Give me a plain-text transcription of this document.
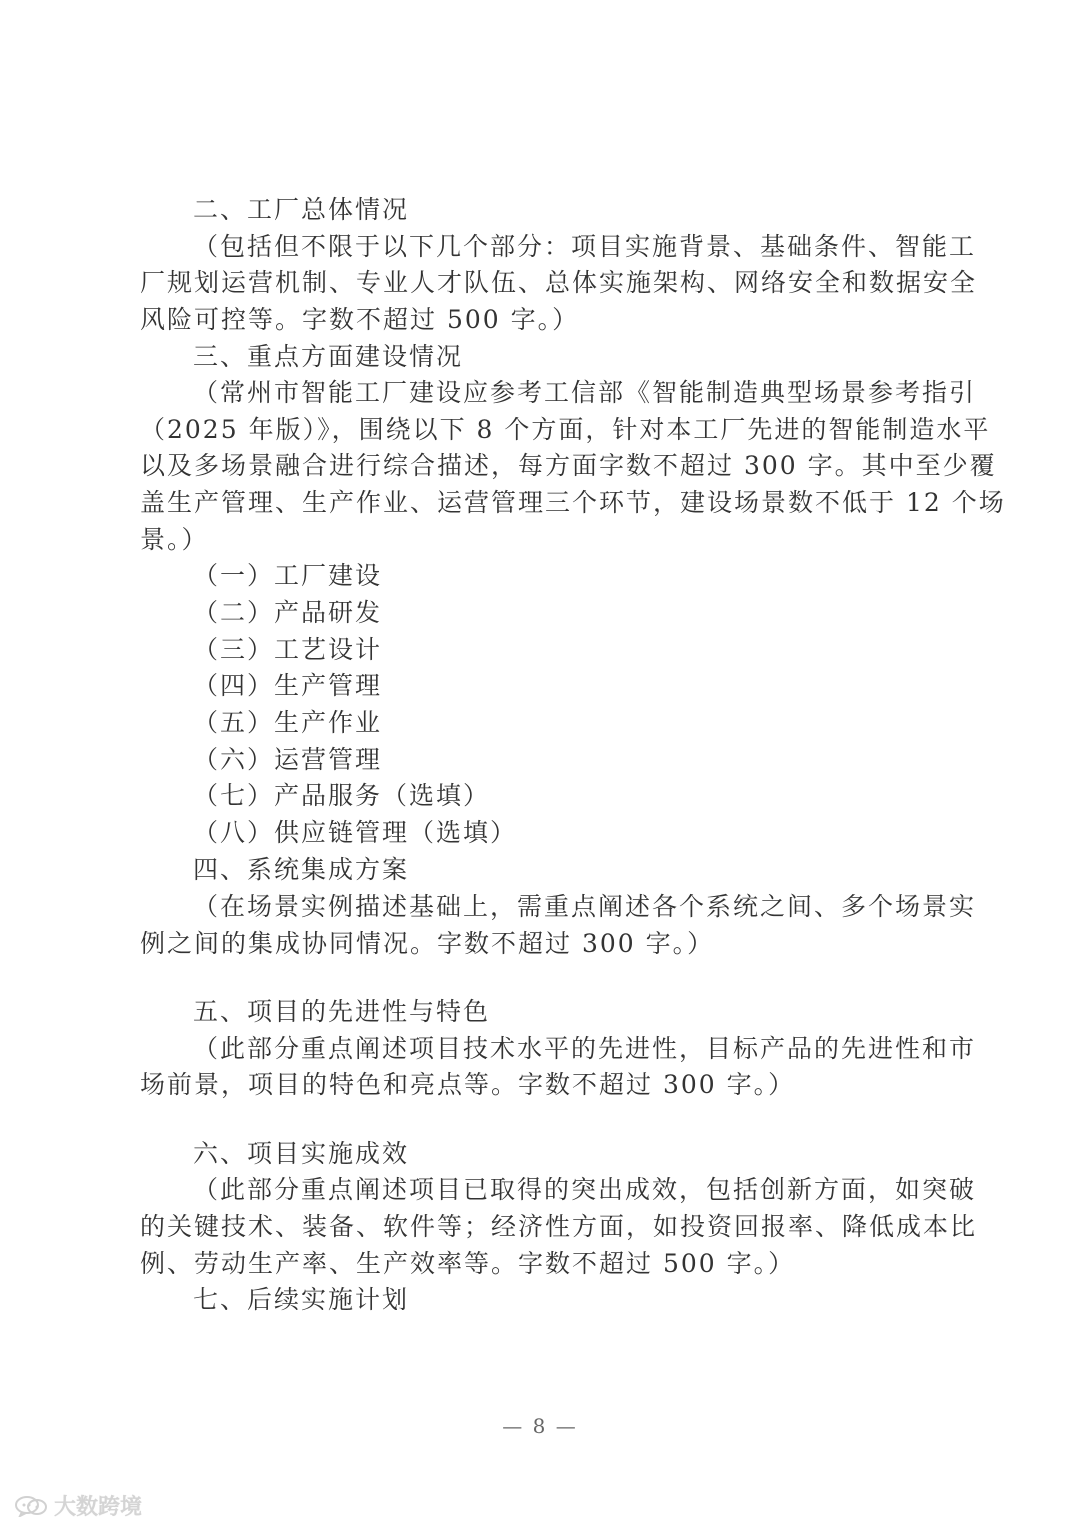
二、工厂总体情况
（包括但不限于以下几个部分：项目实施背景、基础条件、智能工
厂规划运营机制、专业人才队伍、总体实施架构、网络安全和数据安全
风险可控等。字数不超过 500 字。）
三、重点方面建设情况
（常州市智能工厂建设应参考工信部《智能制造典型场景参考指引
（2025 年版）》，围绕以下 8 个方面，针对本工厂先进的智能制造水平
以及多场景融合进行综合描述，每方面字数不超过 300 字。其中至少覆
盖生产管理、生产作业、运营管理三个环节，建设场景数不低于 12 个场
景。）
（一）工厂建设
（二）产品研发
（三）工艺设计
（四）生产管理
（五）生产作业
（六）运营管理
（七）产品服务（选填）
（八）供应链管理（选填）
四、系统集成方案
（在场景实例描述基础上，需重点阐述各个系统之间、多个场景实
例之间的集成协同情况。字数不超过 300 字。）
五、项目的先进性与特色
（此部分重点阐述项目技术水平的先进性，目标产品的先进性和市
场前景，项目的特色和亮点等。字数不超过 300 字。）
六、项目实施成效
（此部分重点阐述项目已取得的突出成效，包括创新方面，如突破
的关键技术、装备、软件等；经济性方面，如投资回报率、降低成本比
例、劳动生产率、生产效率等。字数不超过 500 字。）
七、后续实施计划
— 8 —
大数跨境
